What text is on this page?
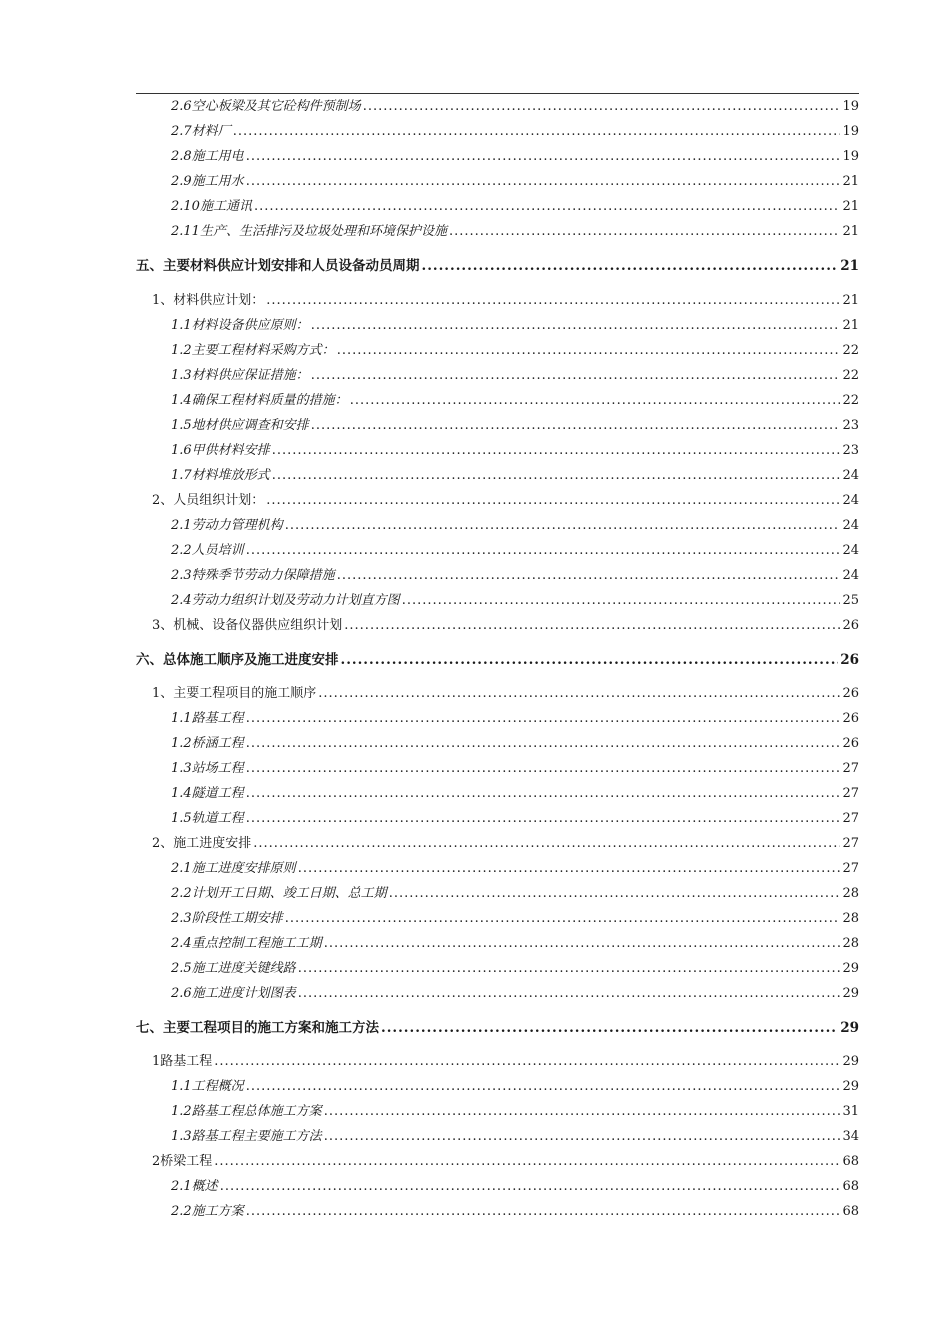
2.6空心板梁及其它砼构件预制场 .....	19
2.7材料厂 .....	19
2.8施工用电 .....	19
2.9施工用水 .....	21
2.10施工通讯 .....	21
2.11生产、生活排污及垃圾处理和环境保护设施 .....	21
五、主要材料供应计划安排和人员设备动员周期 .....	21
1、材料供应计划： .....	21
1.1材料设备供应原则： .....	21
1.2主要工程材料采购方式： .....	22
1.3材料供应保证措施： .....	22
1.4确保工程材料质量的措施： .....	22
1.5地材供应调查和安排 .....	23
1.6甲供材料安排 .....	23
1.7材料堆放形式 .....	24
2、人员组织计划： .....	24
2.1劳动力管理机构 .....	24
2.2人员培训 .....	24
2.3特殊季节劳动力保障措施 .....	24
2.4劳动力组织计划及劳动力计划直方图 .....	25
3、机械、设备仪器供应组织计划 .....	26
六、总体施工顺序及施工进度安排 .....	26
1、主要工程项目的施工顺序 .....	26
1.1路基工程 .....	26
1.2桥涵工程 .....	26
1.3站场工程 .....	27
1.4隧道工程 .....	27
1.5轨道工程 .....	27
2、施工进度安排 .....	27
2.1施工进度安排原则 .....	27
2.2计划开工日期、竣工日期、总工期 .....	28
2.3阶段性工期安排 .....	28
2.4重点控制工程施工工期 .....	28
2.5施工进度关键线路 .....	29
2.6施工进度计划图表 .....	29
七、主要工程项目的施工方案和施工方法 .....	29
1路基工程 .....	29
1.1工程概况 .....	29
1.2路基工程总体施工方案 .....	31
1.3路基工程主要施工方法 .....	34
2桥梁工程 .....	68
2.1概述 .....	68
2.2施工方案 .....	68
